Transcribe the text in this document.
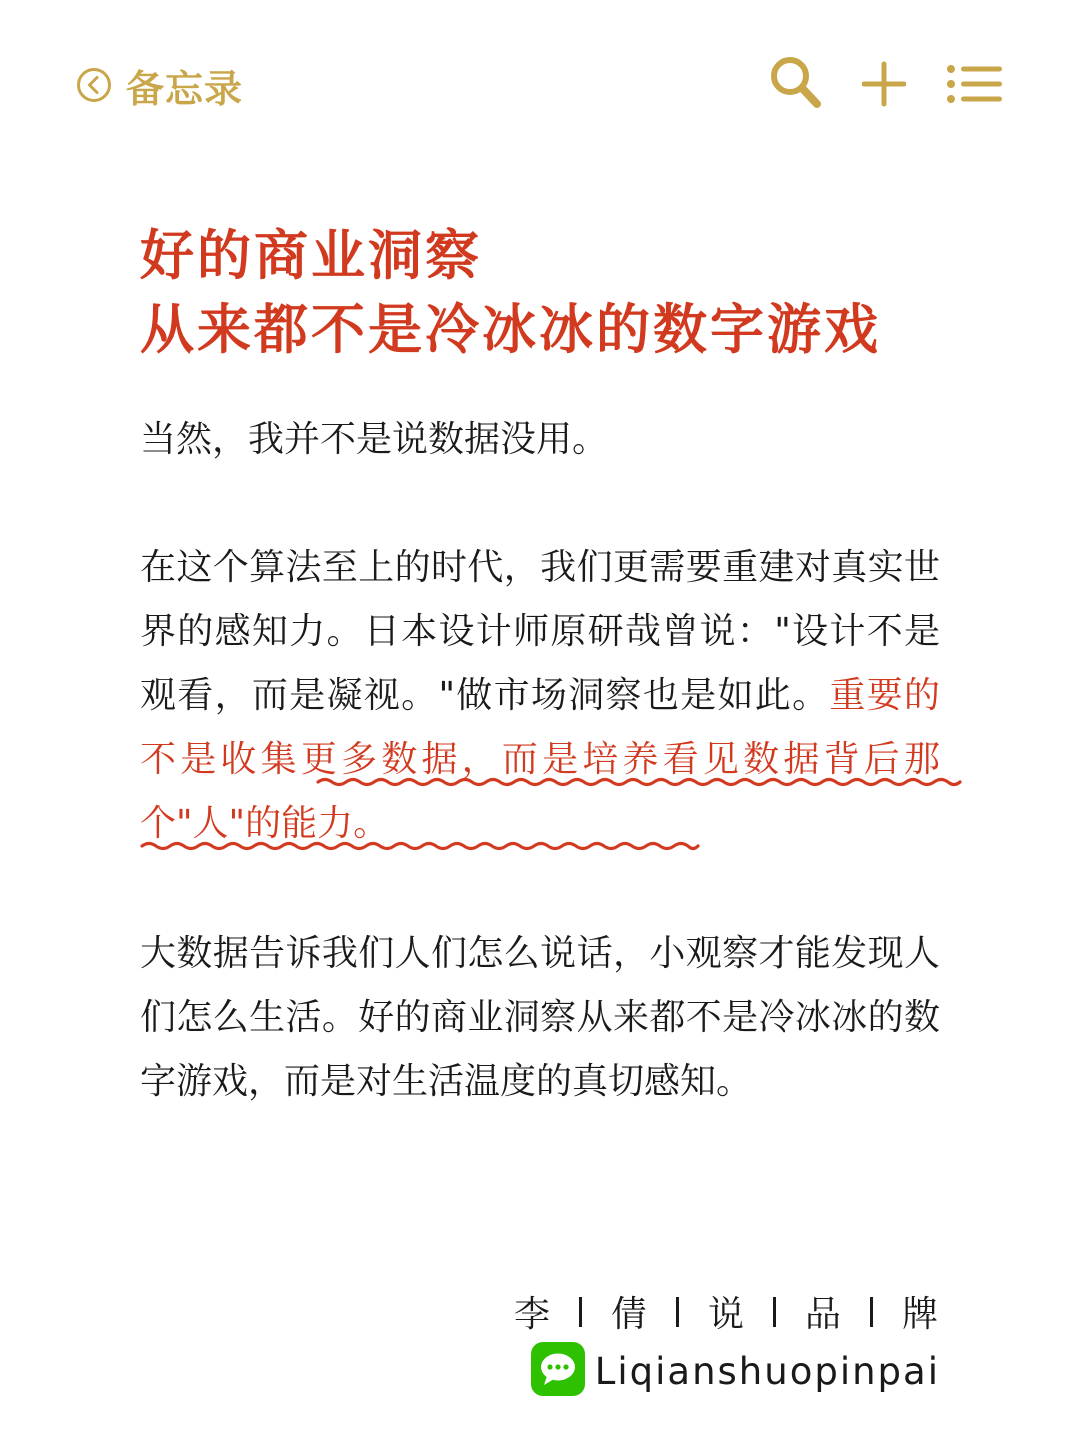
备忘录
好的商业洞察
从来都不是冷冰冰的数字游戏

当然，我并不是说数据没用。

在这个算法至上的时代，我们更需要重建对真实世界的感知力。日本设计师原研哉曾说："设计不是观看，而是凝视。"做市场洞察也是如此。重要的不是收集更多数据，而是培养看见数据背后那个"人"的能力。

大数据告诉我们人们怎么说话，小观察才能发现人们怎么生活。好的商业洞察从来都不是冷冰冰的数字游戏，而是对生活温度的真切感知。

李 倩 说 品 牌
Liqianshuopinpai
